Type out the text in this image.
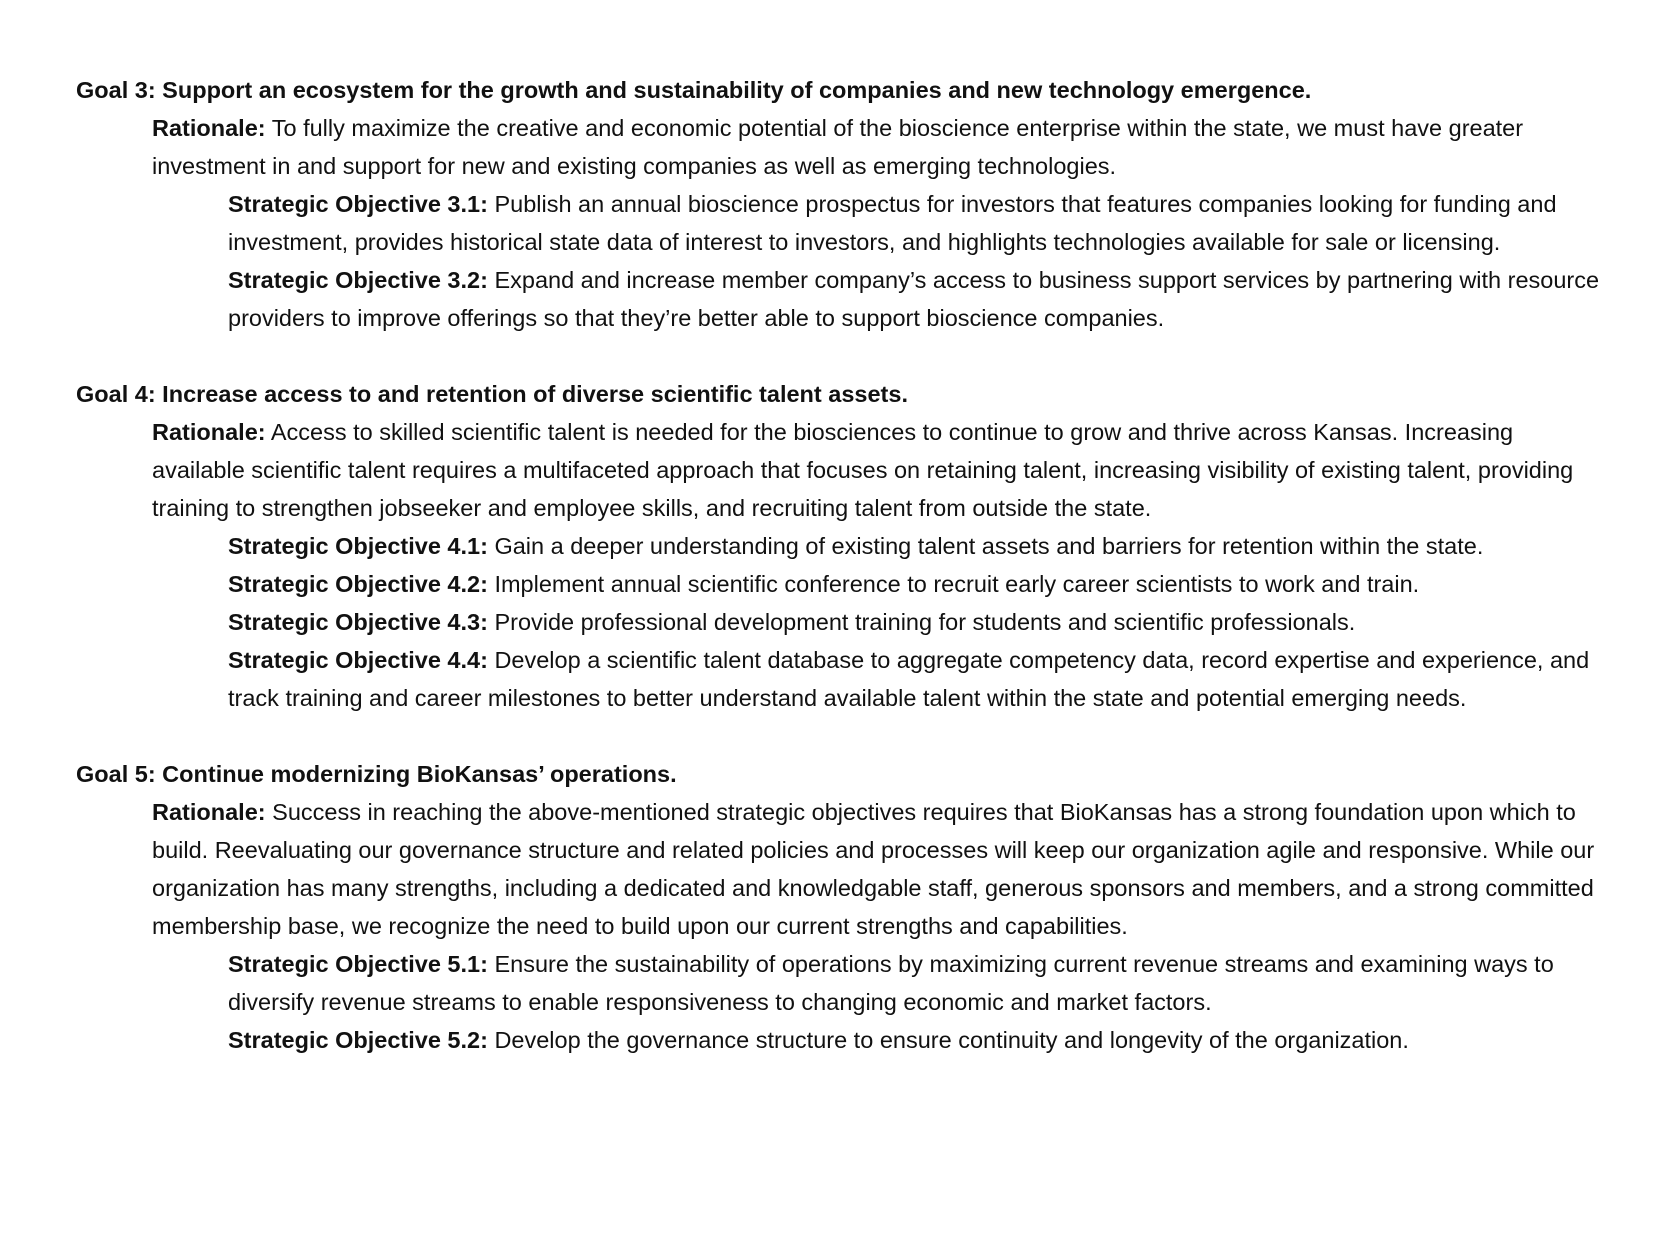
Goal 3: Support an ecosystem for the growth and sustainability of companies and new technology emergence.

Rationale: To fully maximize the creative and economic potential of the bioscience enterprise within the state, we must have greater investment in and support for new and existing companies as well as emerging technologies.

Strategic Objective 3.1: Publish an annual bioscience prospectus for investors that features companies looking for funding and investment, provides historical state data of interest to investors, and highlights technologies available for sale or licensing.

Strategic Objective 3.2: Expand and increase member company’s access to business support services by partnering with resource providers to improve offerings so that they’re better able to support bioscience companies.

Goal 4: Increase access to and retention of diverse scientific talent assets.

Rationale: Access to skilled scientific talent is needed for the biosciences to continue to grow and thrive across Kansas. Increasing available scientific talent requires a multifaceted approach that focuses on retaining talent, increasing visibility of existing talent, providing training to strengthen jobseeker and employee skills, and recruiting talent from outside the state.

Strategic Objective 4.1: Gain a deeper understanding of existing talent assets and barriers for retention within the state.

Strategic Objective 4.2: Implement annual scientific conference to recruit early career scientists to work and train.

Strategic Objective 4.3: Provide professional development training for students and scientific professionals.

Strategic Objective 4.4: Develop a scientific talent database to aggregate competency data, record expertise and experience, and track training and career milestones to better understand available talent within the state and potential emerging needs.

Goal 5: Continue modernizing BioKansas’ operations.

Rationale: Success in reaching the above-mentioned strategic objectives requires that BioKansas has a strong foundation upon which to build. Reevaluating our governance structure and related policies and processes will keep our organization agile and responsive. While our organization has many strengths, including a dedicated and knowledgable staff, generous sponsors and members, and a strong committed membership base, we recognize the need to build upon our current strengths and capabilities.

Strategic Objective 5.1: Ensure the sustainability of operations by maximizing current revenue streams and examining ways to diversify revenue streams to enable responsiveness to changing economic and market factors.

Strategic Objective 5.2: Develop the governance structure to ensure continuity and longevity of the organization.
